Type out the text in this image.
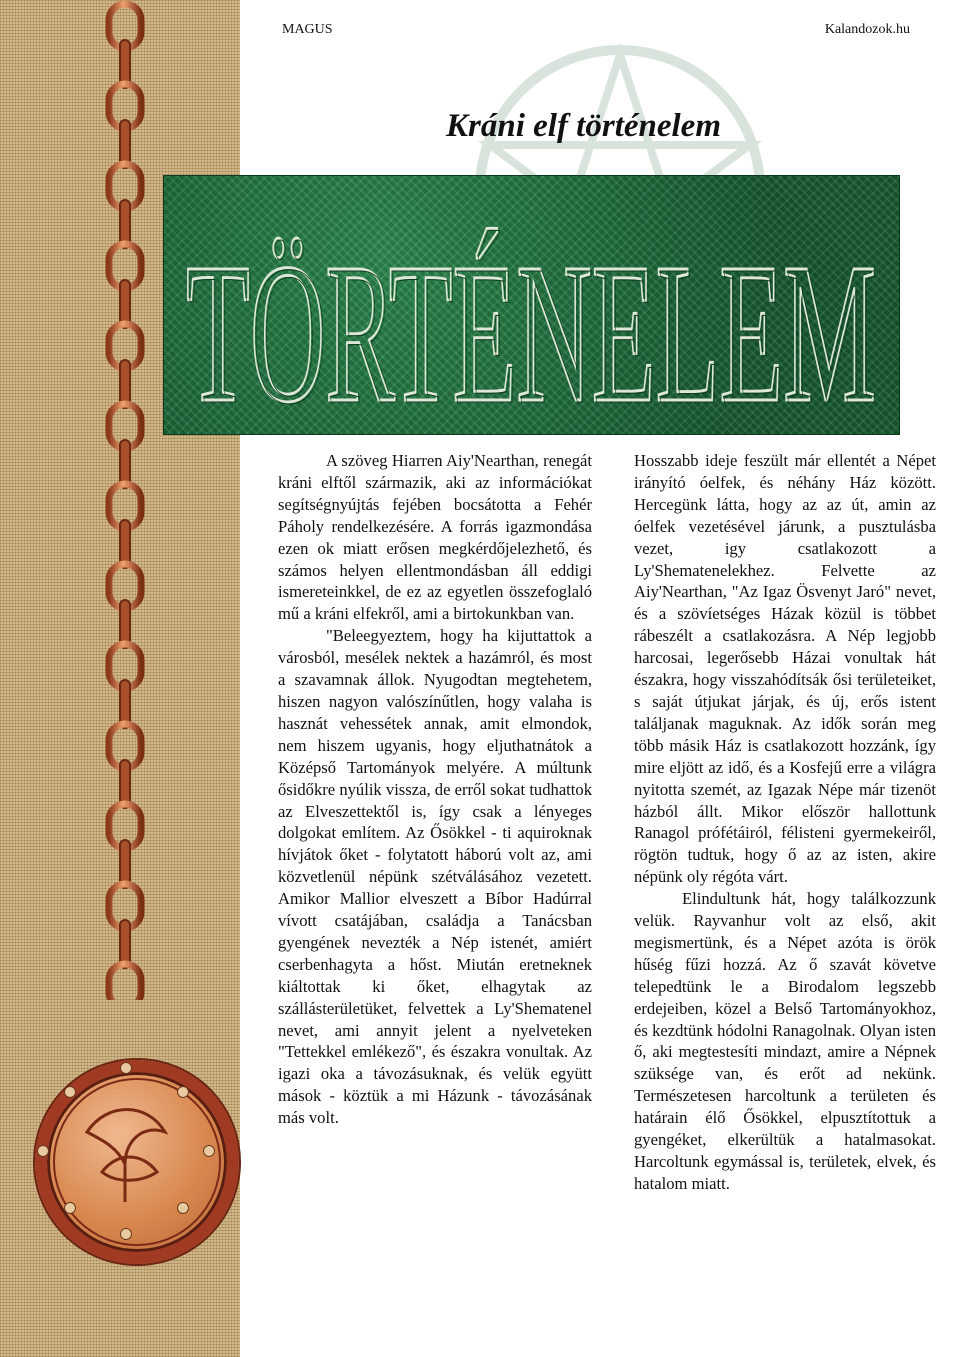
MAGUS	Kalandozok.hu
Kráni elf történelem
TÖRTÉNELEM
TÖRTÉNELEM

A szöveg Hiarren Aiy'Nearthan, renegát kráni elftől származik, aki az információkat segítségnyújtás fejében bocsátotta a Fehér Páholy rendelkezésére. A forrás igazmondása ezen ok miatt erősen megkérdőjelezhető, és számos helyen ellentmondásban áll eddigi ismereteinkkel, de ez az egyetlen összefoglaló mű a kráni elfekről, ami a birtokunkban van.

"Beleegyeztem, hogy ha kijuttattok a városból, mesélek nektek a hazámról, és most a szavamnak állok. Nyugodtan megtehetem, hiszen nagyon valószínűtlen, hogy valaha is hasznát vehessétek annak, amit elmondok, nem hiszem ugyanis, hogy eljuthatnátok a Középső Tartományok melyére. A múltunk ősidőkre nyúlik vissza, de erről sokat tudhattok az Elveszettektől is, így csak a lényeges dolgokat említem. Az Ősökkel - ti aquiroknak hívjátok őket - folytatott háború volt az, ami közvetlenül népünk szétválásához vezetett. Amikor Mallior elveszett a Bíbor Hadúrral vívott csatájában, családja a Tanácsban gyengének nevezték a Nép istenét, amiért cserbenhagyta a hőst. Miután eretneknek kiáltottak ki őket, elhagytak az szállásterületüket, felvettek a Ly'Shematenel nevet, ami annyit jelent a nyelveteken "Tettekkel emlékező", és északra vonultak. Az igazi oka a távozásuknak, és velük együtt mások - köztük a mi Házunk - távozásának más volt.

Hosszabb ideje feszült már ellentét a Népet irányító óelfek, és néhány Ház között. Hercegünk látta, hogy az az út, amin az óelfek vezetésével járunk, a pusztulásba vezet, igy csatlakozott a Ly'Shematenelekhez. Felvette az Aiy'Nearthan, "Az Igaz Ösvenyt Jaró" nevet, és a szövíetséges Házak közül is többet rábeszélt a csatlakozásra. A Nép legjobb harcosai, legerősebb Házai vonultak hát északra, hogy visszahódítsák ősi területeiket, s saját útjukat járjak, és új, erős istent találjanak maguknak. Az idők során meg több másik Ház is csatlakozott hozzánk, így mire eljött az idő, és a Kosfejű erre a világra nyitotta szemét, az Igazak Népe már tizenöt házból állt. Mikor először hallottunk Ranagol prófétáiról, félisteni gyermekeiről, rögtön tudtuk, hogy ő az az isten, akire népünk oly régóta várt.

Elindultunk hát, hogy találkozzunk velük. Rayvanhur volt az első, akit megismertünk, és a Népet azóta is örök hűség fűzi hozzá. Az ő szavát követve telepedtünk le a Birodalom legszebb erdejeiben, közel a Belső Tartományokhoz, és kezdtünk hódolni Ranagolnak. Olyan isten ő, aki megtestesíti mindazt, amire a Népnek szüksége van, és erőt ad nekünk. Természetesen harcoltunk a területen és határain élő Ősökkel, elpusztítottuk a gyengéket, elkerültük a hatalmasokat. Harcoltunk egymással is, területek, elvek, és hatalom miatt.
